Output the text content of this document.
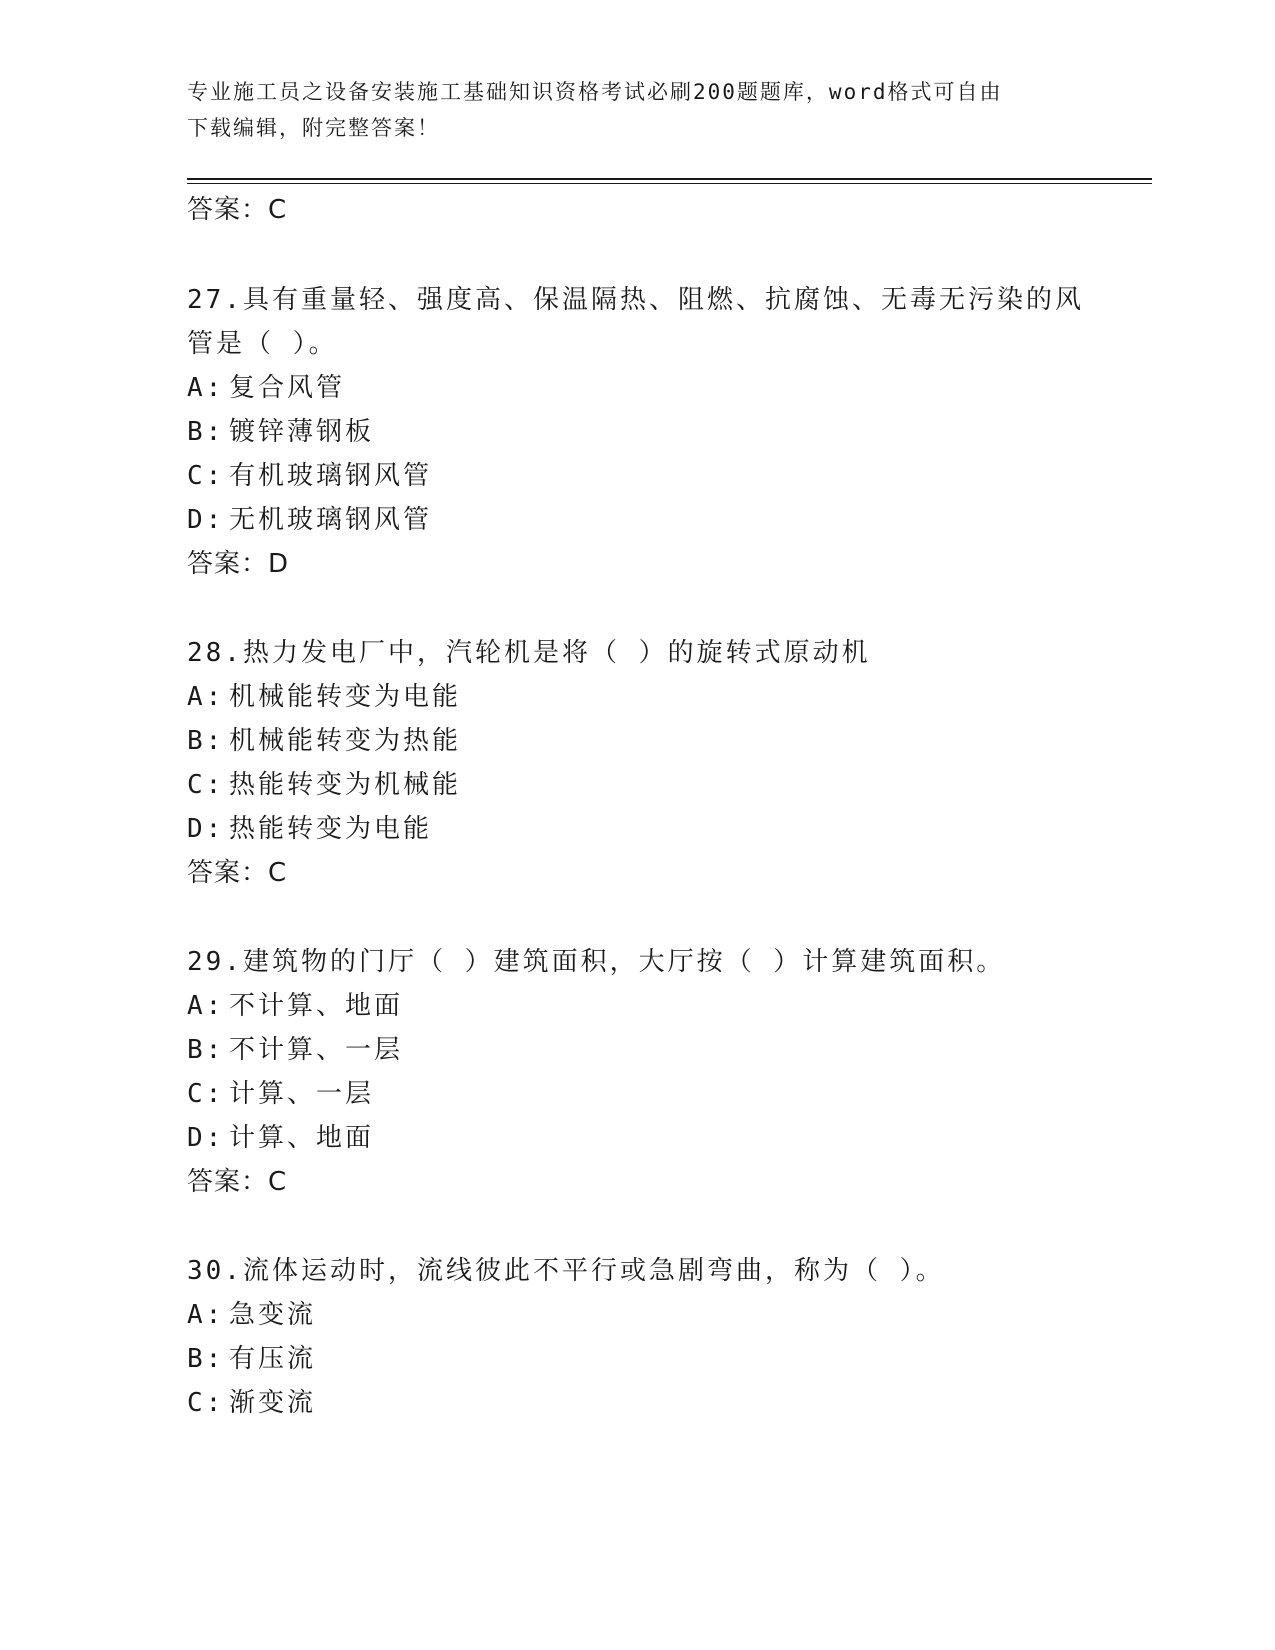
专业施工员之设备安装施工基础知识资格考试必刷200题题库，word格式可自由
下载编辑，附完整答案！
答案：C
27.具有重量轻、强度高、保温隔热、阻燃、抗腐蚀、无毒无污染的风
管是（ ）。
A: 复合风管
B: 镀锌薄钢板
C: 有机玻璃钢风管
D: 无机玻璃钢风管
答案：D
28.热力发电厂中，汽轮机是将（ ）的旋转式原动机
A: 机械能转变为电能
B: 机械能转变为热能
C: 热能转变为机械能
D: 热能转变为电能
答案：C
29.建筑物的门厅（ ）建筑面积，大厅按（ ）计算建筑面积。
A: 不计算、地面
B: 不计算、一层
C: 计算、一层
D: 计算、地面
答案：C
30.流体运动时，流线彼此不平行或急剧弯曲，称为（ ）。
A: 急变流
B: 有压流
C: 渐变流
